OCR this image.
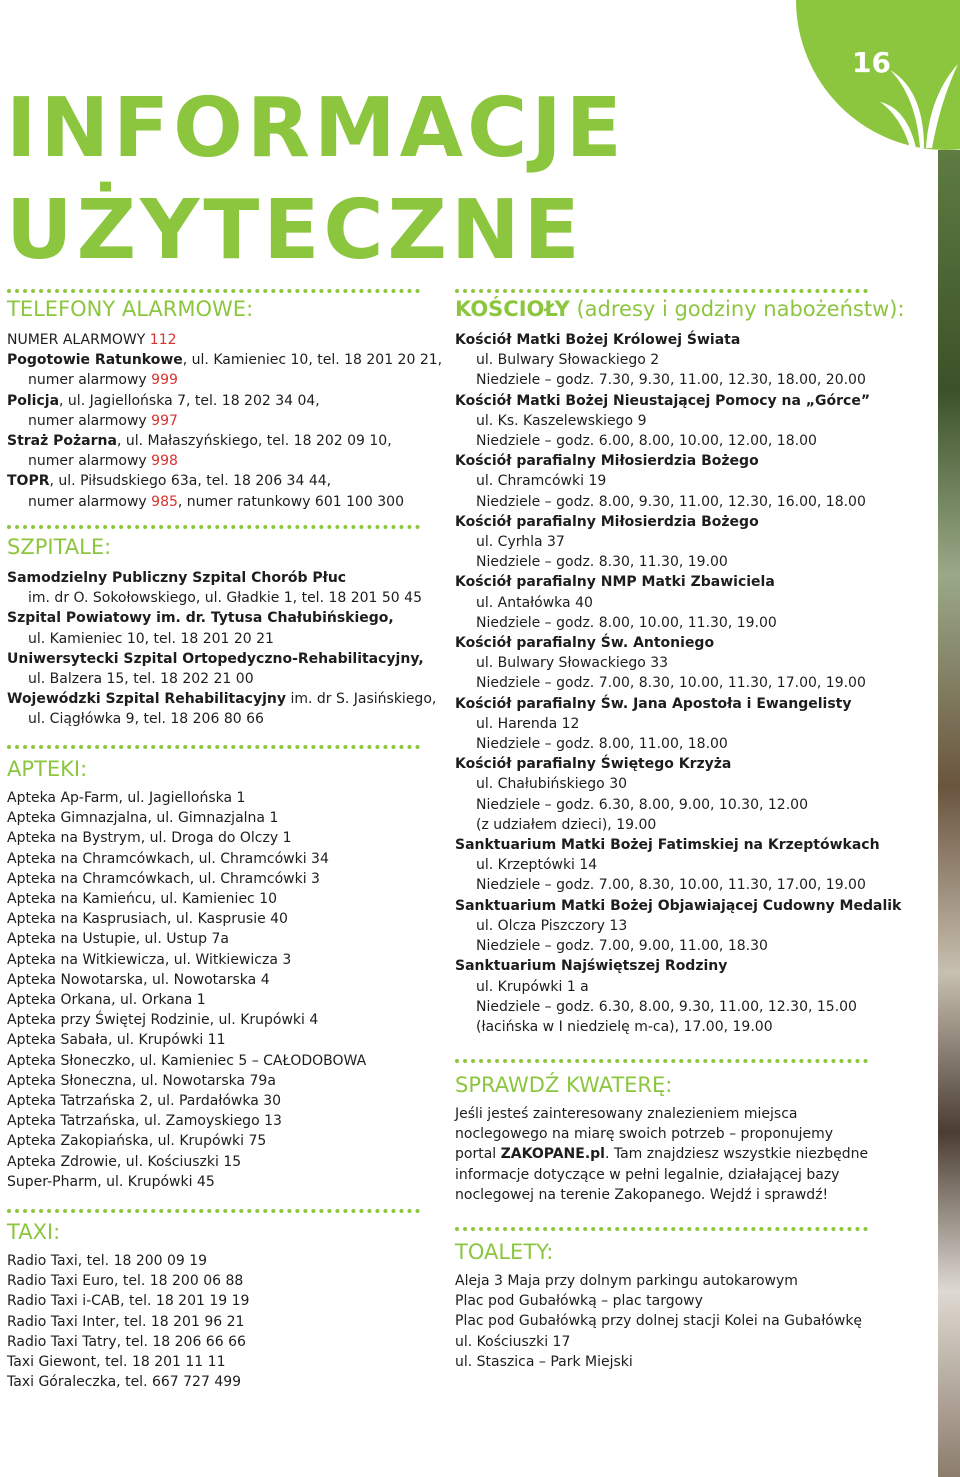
16
INFORMACJE
UŻYTECZNE
TELEFONY ALARMOWE:
NUMER ALARMOWY 112
Pogotowie Ratunkowe, ul. Kamieniec 10, tel. 18 201 20 21,
numer alarmowy 999
Policja, ul. Jagiellońska 7, tel. 18 202 34 04,
numer alarmowy 997
Straż Pożarna, ul. Małaszyńskiego, tel. 18 202 09 10,
numer alarmowy 998
TOPR, ul. Piłsudskiego 63a, tel. 18 206 34 44,
numer alarmowy 985, numer ratunkowy 601 100 300
SZPITALE:
Samodzielny Publiczny Szpital Chorób Płuc
im. dr O. Sokołowskiego, ul. Gładkie 1, tel. 18 201 50 45
Szpital Powiatowy im. dr. Tytusa Chałubińskiego,
ul. Kamieniec 10, tel. 18 201 20 21
Uniwersytecki Szpital Ortopedyczno-Rehabilitacyjny,
ul. Balzera 15, tel. 18 202 21 00
Wojewódzki Szpital Rehabilitacyjny im. dr S. Jasińskiego,
ul. Ciągłówka 9, tel. 18 206 80 66
APTEKI:
Apteka Ap-Farm, ul. Jagiellońska 1
Apteka Gimnazjalna, ul. Gimnazjalna 1
Apteka na Bystrym, ul. Droga do Olczy 1
Apteka na Chramcówkach, ul. Chramcówki 34
Apteka na Chramcówkach, ul. Chramcówki 3
Apteka na Kamieńcu, ul. Kamieniec 10
Apteka na Kasprusiach, ul. Kasprusie 40
Apteka na Ustupie, ul. Ustup 7a
Apteka na Witkiewicza, ul. Witkiewicza 3
Apteka Nowotarska, ul. Nowotarska 4
Apteka Orkana, ul. Orkana 1
Apteka przy Świętej Rodzinie, ul. Krupówki 4
Apteka Sabała, ul. Krupówki 11
Apteka Słoneczko, ul. Kamieniec 5 – CAŁODOBOWA
Apteka Słoneczna, ul. Nowotarska 79a
Apteka Tatrzańska 2, ul. Pardałówka 30
Apteka Tatrzańska, ul. Zamoyskiego 13
Apteka Zakopiańska, ul. Krupówki 75
Apteka Zdrowie, ul. Kościuszki 15
Super-Pharm, ul. Krupówki 45
TAXI:
Radio Taxi, tel. 18 200 09 19
Radio Taxi Euro, tel. 18 200 06 88
Radio Taxi i-CAB, tel. 18 201 19 19
Radio Taxi Inter, tel. 18 201 96 21
Radio Taxi Tatry, tel. 18 206 66 66
Taxi Giewont, tel. 18 201 11 11
Taxi Góraleczka, tel. 667 727 499
KOŚCIOŁY (adresy i godziny nabożeństw):
Kościół Matki Bożej Królowej Świata
ul. Bulwary Słowackiego 2
Niedziele – godz. 7.30, 9.30, 11.00, 12.30, 18.00, 20.00
Kościół Matki Bożej Nieustającej Pomocy na „Górce”
ul. Ks. Kaszelewskiego 9
Niedziele – godz. 6.00, 8.00, 10.00, 12.00, 18.00
Kościół parafialny Miłosierdzia Bożego
ul. Chramcówki 19
Niedziele – godz. 8.00, 9.30, 11.00, 12.30, 16.00, 18.00
Kościół parafialny Miłosierdzia Bożego
ul. Cyrhla 37
Niedziele – godz. 8.30, 11.30, 19.00
Kościół parafialny NMP Matki Zbawiciela
ul. Antałówka 40
Niedziele – godz. 8.00, 10.00, 11.30, 19.00
Kościół parafialny Św. Antoniego
ul. Bulwary Słowackiego 33
Niedziele – godz. 7.00, 8.30, 10.00, 11.30, 17.00, 19.00
Kościół parafialny Św. Jana Apostoła i Ewangelisty
ul. Harenda 12
Niedziele – godz. 8.00, 11.00, 18.00
Kościół parafialny Świętego Krzyża
ul. Chałubińskiego 30
Niedziele – godz. 6.30, 8.00, 9.00, 10.30, 12.00
(z udziałem dzieci), 19.00
Sanktuarium Matki Bożej Fatimskiej na Krzeptówkach
ul. Krzeptówki 14
Niedziele – godz. 7.00, 8.30, 10.00, 11.30, 17.00, 19.00
Sanktuarium Matki Bożej Objawiającej Cudowny Medalik
ul. Olcza Piszczory 13
Niedziele – godz. 7.00, 9.00, 11.00, 18.30
Sanktuarium Najświętszej Rodziny
ul. Krupówki 1 a
Niedziele – godz. 6.30, 8.00, 9.30, 11.00, 12.30, 15.00
(łacińska w I niedzielę m-ca), 17.00, 19.00
SPRAWDŹ KWATERĘ:
Jeśli jesteś zainteresowany znalezieniem miejsca
noclegowego na miarę swoich potrzeb – proponujemy
portal ZAKOPANE.pl. Tam znajdziesz wszystkie niezbędne
informacje dotyczące w pełni legalnie, działającej bazy
noclegowej na terenie Zakopanego. Wejdź i sprawdź!
TOALETY:
Aleja 3 Maja przy dolnym parkingu autokarowym
Plac pod Gubałówką – plac targowy
Plac pod Gubałówką przy dolnej stacji Kolei na Gubałówkę
ul. Kościuszki 17
ul. Staszica – Park Miejski
